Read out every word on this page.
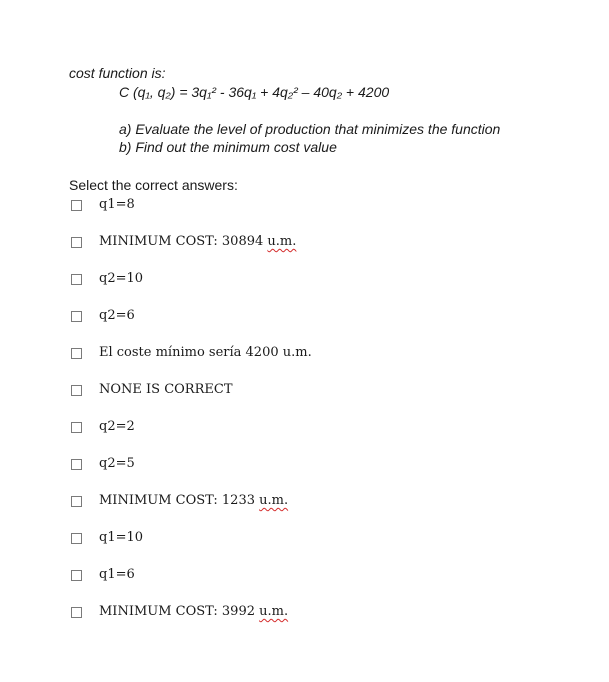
cost function is:
C (q₁, q₂) = 3q₁² - 36q₁ + 4q₂² – 40q₂ + 4200
a) Evaluate the level of production that minimizes the function
b) Find out the minimum cost value
Select the correct answers:
q1=8
MINIMUM COST: 30894 u.m.
q2=10
q2=6
El coste mínimo sería 4200 u.m.
NONE IS CORRECT
q2=2
q2=5
MINIMUM COST: 1233 u.m.
q1=10
q1=6
MINIMUM COST: 3992 u.m.
